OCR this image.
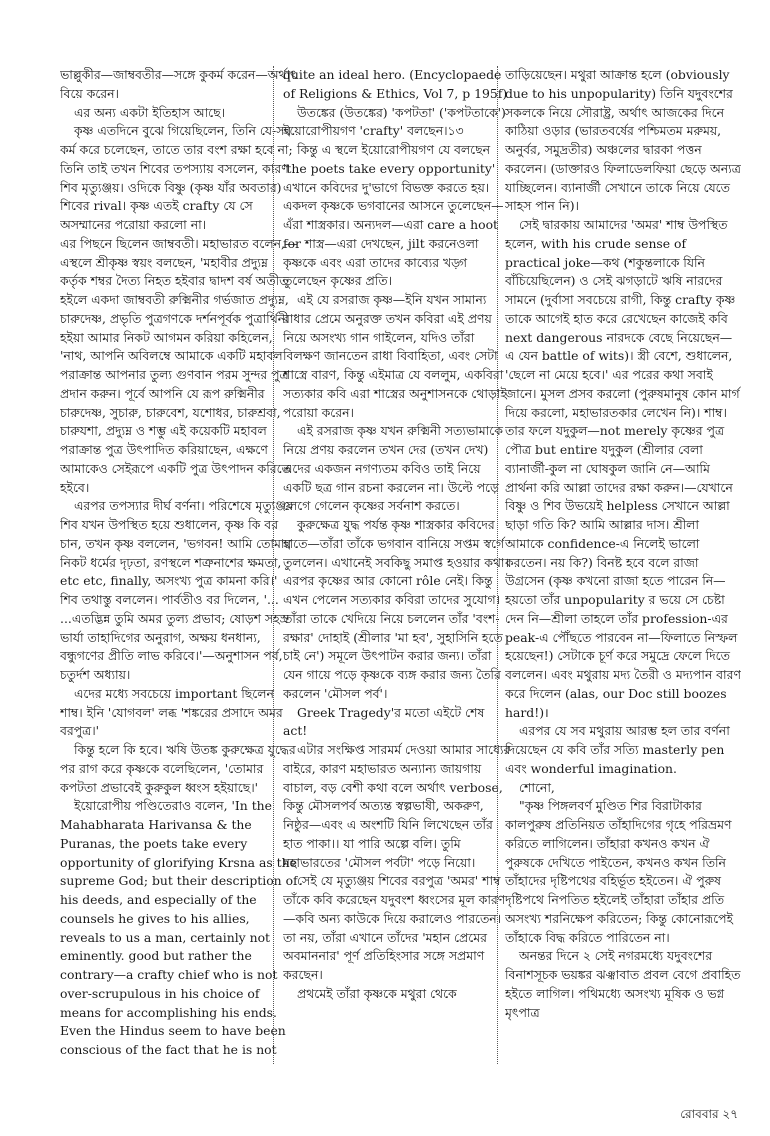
ভাল্লুকীর—জাম্ববতীর—সঙ্গে কুকর্ম করেন—অর্থাৎ বিয়ে করেন।

এর অন্য একটা ইতিহাস আছে।

কৃষ্ণ এতদিনে বুঝে গিয়েছিলেন, তিনি যে-সব কর্ম করে চলেছেন, তাতে তার বংশ রক্ষা হবে না; তিনি তাই তখন শিবের তপস্যায় বসলেন, কারণ শিব মৃত্যুঞ্জয়। ওদিকে বিষ্ণু (কৃষ্ণ যাঁর অবতার) শিবের rival। কৃষ্ণ এতই crafty যে সে অসম্মানের পরোয়া করলো না।

এর পিছনে ছিলেন জাম্ববতী। মহাভারত বলেন,—এস্থলে শ্রীকৃষ্ণ স্বয়ং বলছেন, 'মহাবীর প্রদ্যুম্ন কর্তৃক শম্বর দৈত্য নিহত হইবার দ্বাদশ বর্ষ অতীত হইলে একদা জাম্ববতী রুক্মিনীর গর্ভজাত প্রদ্যুম্ন, চারুদেষ্ণ, প্রভৃতি পুত্রগণকে দর্শনপূর্বক পুত্রার্থিনী হইয়া আমার নিকট আগমন করিয়া কহিলেন, 'নাথ, আপনি অবিলম্বে আমাকে একটি মহাবল পরাক্রান্ত আপনার তুল্য গুণবান পরম সুন্দর পুত্র প্রদান করুন। পূর্বে আপনি যে রূপ রুক্মিনীর চারুদেষ্ণ, সুচারু, চারুবেশ, যশোধর, চারুশ্রবা, চারুযশা, প্রদ্যুম্ন ও শম্ভু এই কয়েকটি মহাবল পরাক্রান্ত পুত্র উৎপাদিত করিয়াছেন, এক্ষণে আমাকেও সেইরূপে একটি পুত্র উৎপাদন করিতে হইবে।

এরপর তপস্যার দীর্ঘ বর্ণনা। পরিশেষে মৃত্যুঞ্জয় শিব যখন উপস্থিত হয়ে শুধালেন, কৃষ্ণ কি বর চান, তখন কৃষ্ণ বললেন, 'ভগবন! আমি তোমার নিকট ধর্মের দৃঢ়তা, রণস্থলে শত্রুনাশের ক্ষমতা, etc etc, finally, অসংখ্য পুত্র কামনা করি।' শিব তথাস্তু বললেন। পার্বতীও বর দিলেন, '... ...এতদ্ভিন্ন তুমি অমর তুল্য প্রভাব; ষোড়শ সহস্র ভার্যা তাহাদিগের অনুরাগ, অক্ষয় ধনধান্য, বন্ধুগণের প্রীতি লাভ করিবে।'—অনুশাসন পর্ব, চতুর্দশ অধ্যায়।

এদের মধ্যে সবচেয়ে important ছিলেন শাম্ব। ইনি 'যোগবল' লব্ধ 'শঙ্করের প্রসাদে অমর বরপুত্র।'

কিন্তু হলে কি হবে। ঋষি উতঙ্ক কুরুক্ষেত্র যুদ্ধের পর রাগ করে কৃষ্ণকে বলেছিলেন, 'তোমার কপটতা প্রভাবেই কুরুকুল ধ্বংস হইয়াছে।'

ইয়োরোপীয় পণ্ডিতেরাও বলেন, 'In the Mahabharata Harivansa & the Puranas, the poets take every opportunity of glorifying Krsna as the supreme God; but their description of his deeds, and especially of the counsels he gives to his allies, reveals to us a man, certainly not eminently. good but rather the contrary—a crafty chief who is not over-scrupulous in his choice of means for accomplishing his ends. Even the Hindus seem to have been conscious of the fact that he is not

quite an ideal hero. (Encyclopaede of Religions & Ethics, Vol 7, p 195f)

উতঙ্কের (উতঙ্কের) 'কপটতা' ('কপটতাকে') ইয়োরোপীয়গণ 'crafty' বলছেন।১৩

কিন্তু এ স্থলে ইয়োরোপীয়গণ যে বলছেন 'the poets take every opportunity' এখানে কবিদের দু'ভাগে বিভক্ত করতে হয়। একদল কৃষ্ণকে ভগবানের আসনে তুলেছেন—এঁরা শাস্ত্রকার। অন্যদল—এরা care a hoot for শাস্ত্র—এরা দেখছেন, jilt করনেওলা কৃষ্ণকে এবং এরা তাদের কাব্যের খড়্গ তুলেছেন কৃষ্ণের প্রতি।

এই যে রসরাজ কৃষ্ণ—ইনি যখন সামান্য রাধার প্রেমে অনুরক্ত তখন কবিরা এই প্রণয় নিয়ে অসংখ্য গান গাইলেন, যদিও তাঁরা বিলক্ষণ জানতেন রাধা বিবাহিতা, এবং সেটা শাস্ত্রে বারণ, কিন্তু এইমাত্র যে বললুম, একবিরা সত্যকার কবি এরা শাস্ত্রের অনুশাসনকে থোড়াই পরোয়া করেন।

এই রসরাজ কৃষ্ণ যখন রুক্মিনী সত্যভামাকে নিয়ে প্রণয় করলেন তখন দের (তখন দেখ) এদের একজন নগণ্যতম কবিও তাই নিয়ে একটি ছত্র গান রচনা করলেন না। উল্টে পড়ে লেগে গেলেন কৃষ্ণের সর্বনাশ করতে।

কুরুক্ষেত্র যুদ্ধ পর্যন্ত কৃষ্ণ শাস্ত্রকার কবিদের হাতে—তাঁরা তাঁকে ভগবান বানিয়ে সপ্তম স্বর্গে তুললেন। এখানেই সবকিছু সমাপ্ত হওয়ার কথা। এরপর কৃষ্ণের আর কোনো rôle নেই। কিন্তু এখন পেলেন সত্যকার কবিরা তাদের সুযোগ। তাঁরা তাকে খেদিয়ে নিয়ে চললেন তাঁর 'বংশ-রক্ষার' দোহাই (শ্রীলার 'মা হব', সুহাসিনি হতে চাই নে') সমূলে উৎপাটন করার জন্য। তাঁরা যেন গায়ে পড়ে কৃষ্ণকে ব্যঙ্গ করার জন্য তৈরি করলেন 'মৌসল পর্ব'।

Greek Tragedy'র মতো এইটে শেষ act!

এটার সংক্ষিপ্ত সারমর্ম দেওয়া আমার সাধ্যের বাইরে, কারণ মহাভারত অন্যান্য জায়গায় বাচাল, বড় বেশী কথা বলে অর্থাৎ verbose, কিন্তু মৌসলপর্ব অত্যন্ত স্বল্পভাষী, অকরুণ, নিষ্ঠুর—এবং এ অংশটি যিনি লিখেছেন তাঁর হাত পাকা।। যা পারি অল্পে বলি। তুমি মহাভারতের 'মৌসল পর্বটা' পড়ে নিয়ো।

সেই যে মৃত্যুঞ্জয় শিবের বরপুত্র 'অমর' শাম্ব তাঁকে কবি করেছেন যদুবংশ ধ্বংসের মূল কারণ—কবি অন্য কাউকে দিয়ে করালেও পারতেন। তা নয়, তাঁরা এখানে তাঁদের 'মহান প্রেমের অবমাননার' পূর্ণ প্রতিহিংসার সঙ্গে সপ্রমাণ করছেন।

প্রথমেই তাঁরা কৃষ্ণকে মথুরা থেকে

তাড়িয়েছেন। মথুরা আক্রান্ত হলে (obviously due to his unpopularity) তিনি যদুবংশের সকলকে নিয়ে সৌরাষ্ট্র, অর্থাৎ আজকের দিনে কাঠিয়া ওড়ার (ভারতবর্ষের পশ্চিমতম মরুময়, অনুর্বর, সমুদ্রতীর) অঞ্চলের দ্বারকা পত্তন করলেন। (ডাক্তারও ফিলাডেলফিয়া ছেড়ে অন্যত্র যাচ্ছিলেন। ব্যানার্জী সেখানে তাকে নিয়ে যেতে সাহস পান নি)।

সেই দ্বারকায় আমাদের 'অমর' শাম্ব উপস্থিত হলেন, with his crude sense of practical joke—কথ (শকুন্তলাকে যিনি বাঁচিয়েছিলেন) ও সেই ঝগড়াটে ঋষি নারদের সামনে (দুর্বাসা সবচেয়ে রাগী, কিন্তু crafty কৃষ্ণ তাকে আগেই হাত করে রেখেছেন কাজেই কবি next dangerous নারদকে বেছে নিয়েছেন—এ যেন battle of wits)। স্ত্রী বেশে, শুধালেন, 'ছেলে না মেয়ে হবে।' এর পরের কথা সবাই জানে। মুসল প্রসব করলো (পুরুষমানুষ কোন মার্গ দিয়ে করলো, মহাভারতকার লেখেন নি)। শাম্ব। তার ফলে যদুকুল—not merely কৃষ্ণের পুত্র পৌত্র but entire যদুকুল (শ্রীলার বেলা ব্যানার্জী-কুল না ঘোষকুল জানি নে—আমি প্রার্থনা করি আল্লা তাদের রক্ষা করুন।—যেখানে বিষ্ণু ও শিব উভয়েই helpless সেখানে আল্লা ছাড়া গতি কি? আমি আল্লার দাস। শ্রীলা আমাকে confidence-এ নিলেই ভালো করতেন। নয় কি?) বিনষ্ট হবে বলে রাজা উগ্রসেন (কৃষ্ণ কখনো রাজা হতে পারেন নি—হয়তো তাঁর unpopularity র ভয়ে সে চেষ্টা দেন নি—শ্রীলা তাহলে তাঁর profession-এর peak-এ পৌঁছতে পারবেন না—ফিলাতে নিস্ফল হয়েছেন!) সেটাকে চূর্ণ করে সমুদ্রে ফেলে দিতে বললেন। এবং মথুরায় মদ্য তৈরী ও মদ্যপান বারণ করে দিলেন (alas, our Doc still boozes hard!)।

এরপর যে সব মথুরায় আরম্ভ হল তার বর্ণনা দিয়েছেন যে কবি তাঁর সত্যি masterly pen এবং wonderful imagination.

শোনো,

"কৃষ্ণ পিঙ্গলবর্ণ মুণ্ডিত শির বিরাটাকার কালপুরুষ প্রতিনিয়ত তাঁহাদিগের গৃহে পরিভ্রমণ করিতে লাগিলেন। তাঁহারা কখনও কখন ঐ পুরুষকে দেখিতে পাইতেন, কখনও কখন তিনি তাঁহাদের দৃষ্টিপথের বহির্ভূত হইতেন। ঐ পুরুষ দৃষ্টিপথে নিপতিত হইলেই তাঁহারা তাঁহার প্রতি অসংখ্য শরনিক্ষেপ করিতেন; কিন্তু কোনোরূপেই তাঁহাকে বিদ্ধ করিতে পারিতেন না।

অনন্তর দিনে ২ সেই নগরমধ্যে যদুবংশের বিনাশসূচক ভয়ঙ্কর ঝঞ্ঝাবাত প্রবল বেগে প্রবাহিত হইতে লাগিল। পথিমধ্যে অসংখ্য মূষিক ও ভগ্ন মৃৎপাত্র

রোববার ২৭
